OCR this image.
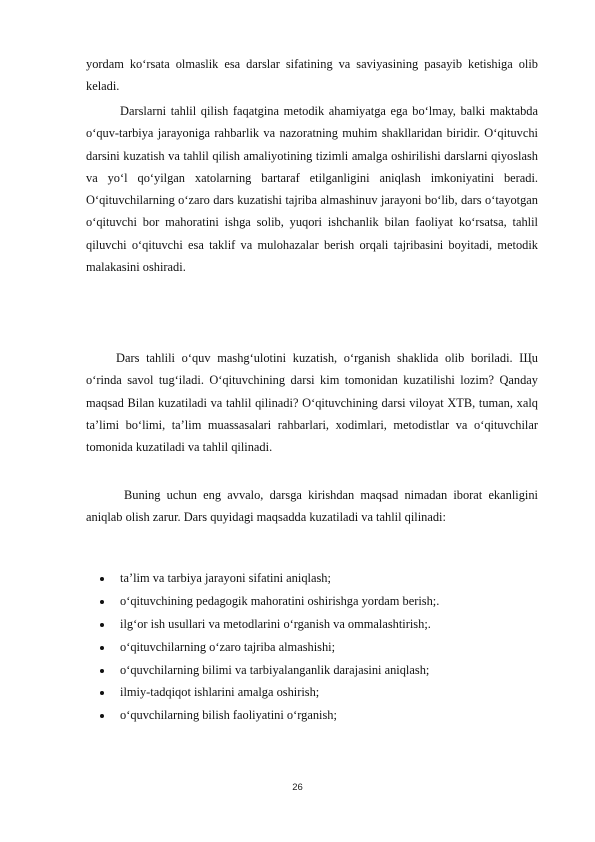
yordam ko‘rsata olmaslik esa darslar sifatining va saviyasining pasayib ketishiga olib keladi.

Darslarni tahlil qilish faqatgina metodik ahamiyatga ega bo‘lmay, balki maktabda o‘quv-tarbiya jarayoniga rahbarlik va nazoratning muhim shakllaridan biridir. O‘qituvchi darsini kuzatish va tahlil qilish amaliyotining tizimli amalga oshirilishi darslarni qiyoslash va yo‘l qo‘yilgan xatolarning bartaraf etilganligini aniqlash imkoniyatini beradi. O‘qituvchilarning o‘zaro dars kuzatishi tajriba almashinuv jarayoni bo‘lib, dars o‘tayotgan o‘qituvchi bor mahoratini ishga solib, yuqori ishchanlik bilan faoliyat ko‘rsatsa, tahlil qiluvchi o‘qituvchi esa taklif va mulohazalar berish orqali tajribasini boyitadi, metodik malakasini oshiradi.

Dars tahlili o‘quv mashg‘ulotini kuzatish, o‘rganish shaklida olib boriladi. Щu o‘rinda savol tug‘iladi. O‘qituvchining darsi kim tomonidan kuzatilishi lozim? Qanday maqsad Bilan kuzatiladi va tahlil qilinadi? O‘qituvchining darsi viloyat XTB, tuman, xalq ta’limi bo‘limi, ta’lim muassasalari rahbarlari, xodimlari, metodistlar va o‘qituvchilar tomonida kuzatiladi va tahlil qilinadi.

Buning uchun eng avvalo, darsga kirishdan maqsad nimadan iborat ekanligini aniqlab olish zarur. Dars quyidagi maqsadda kuzatiladi va tahlil qilinadi:

ta’lim va tarbiya jarayoni sifatini aniqlash;
o‘qituvchining pedagogik mahoratini oshirishga yordam berish;.
ilg‘or ish usullari va metodlarini o‘rganish va ommalashtirish;.
o‘qituvchilarning o‘zaro tajriba almashishi;
o‘quvchilarning bilimi va tarbiyalanganlik darajasini aniqlash;
ilmiy-tadqiqot ishlarini amalga oshirish;
o‘quvchilarning bilish faoliyatini o‘rganish;
26
